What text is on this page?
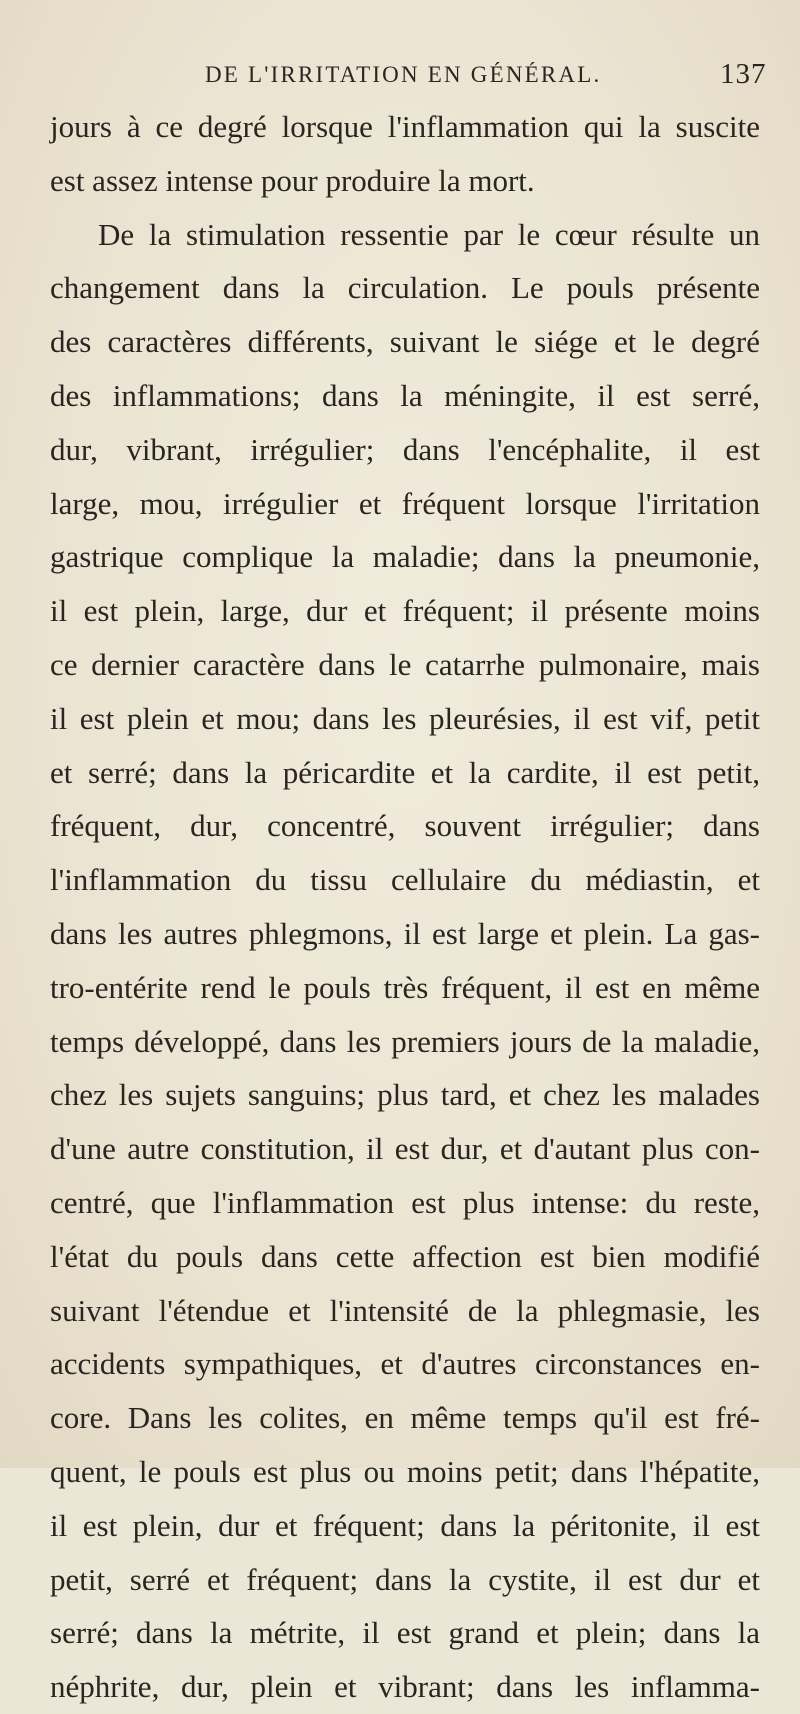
DE L'IRRITATION EN GÉNÉRAL.	137
jours à ce degré lorsque l'inflammation qui la suscite
est assez intense pour produire la mort.
De la stimulation ressentie par le cœur résulte un
changement dans la circulation. Le pouls présente
des caractères différents, suivant le siége et le degré
des inflammations; dans la méningite, il est serré,
dur, vibrant, irrégulier; dans l'encéphalite, il est
large, mou, irrégulier et fréquent lorsque l'irritation
gastrique complique la maladie; dans la pneumonie,
il est plein, large, dur et fréquent; il présente moins
ce dernier caractère dans le catarrhe pulmonaire, mais
il est plein et mou; dans les pleurésies, il est vif, petit
et serré; dans la péricardite et la cardite, il est petit,
fréquent, dur, concentré, souvent irrégulier; dans
l'inflammation du tissu cellulaire du médiastin, et
dans les autres phlegmons, il est large et plein. La gas-
tro-entérite rend le pouls très fréquent, il est en même
temps développé, dans les premiers jours de la maladie,
chez les sujets sanguins; plus tard, et chez les malades
d'une autre constitution, il est dur, et d'autant plus con-
centré, que l'inflammation est plus intense: du reste,
l'état du pouls dans cette affection est bien modifié
suivant l'étendue et l'intensité de la phlegmasie, les
accidents sympathiques, et d'autres circonstances en-
core. Dans les colites, en même temps qu'il est fré-
quent, le pouls est plus ou moins petit; dans l'hépatite,
il est plein, dur et fréquent; dans la péritonite, il est
petit, serré et fréquent; dans la cystite, il est dur et
serré; dans la métrite, il est grand et plein; dans la
néphrite, dur, plein et vibrant; dans les inflamma-
